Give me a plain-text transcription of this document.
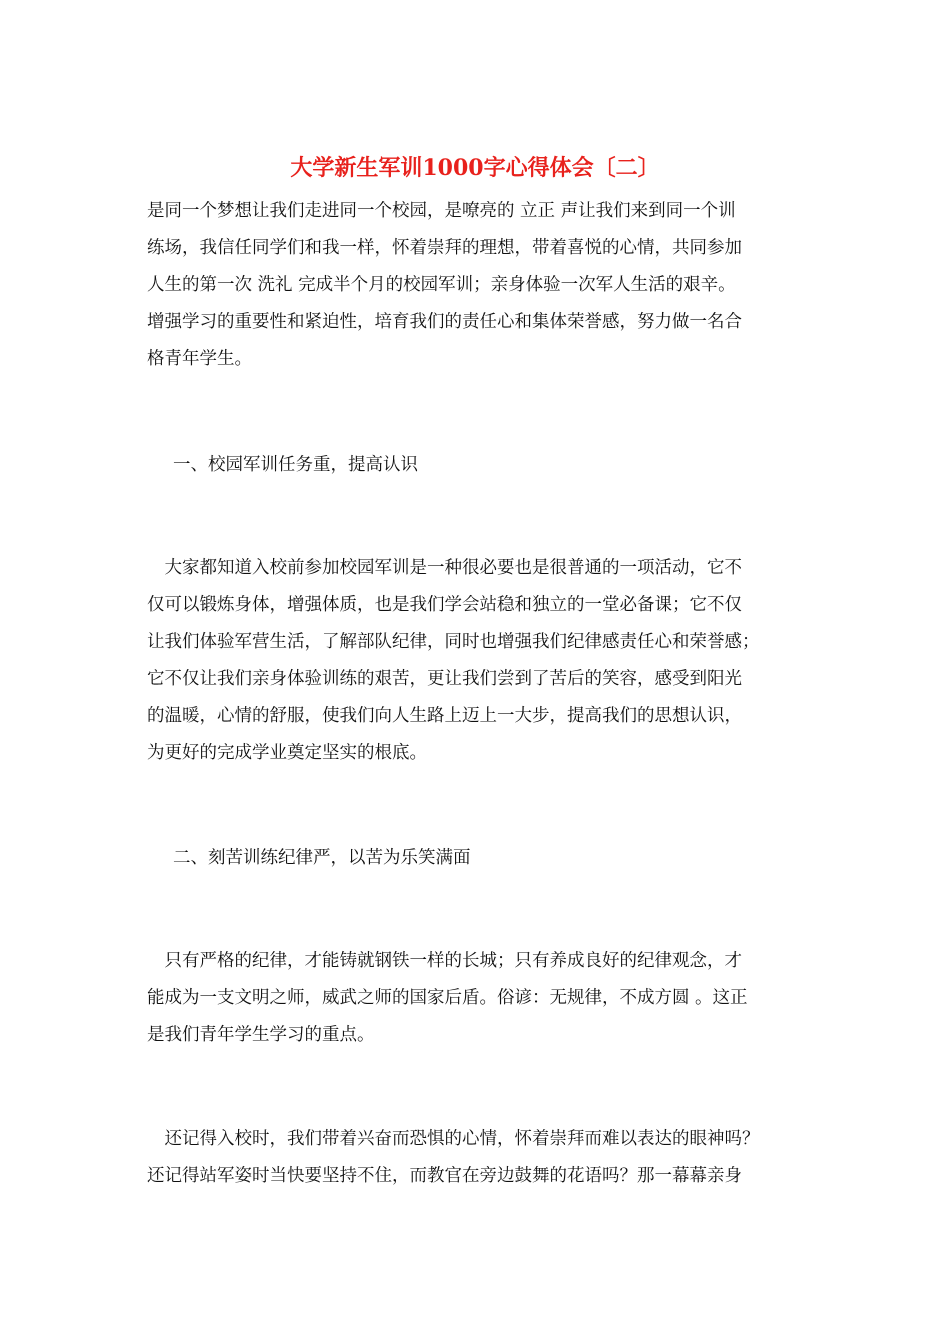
大学新生军训1000字心得体会〔二〕
是同一个梦想让我们走进同一个校园，是嘹亮的 立正 声让我们来到同一个训
练场，我信任同学们和我一样，怀着崇拜的理想，带着喜悦的心情，共同参加
人生的第一次 洗礼 完成半个月的校园军训；亲身体验一次军人生活的艰辛。
增强学习的重要性和紧迫性，培育我们的责任心和集体荣誉感，努力做一名合
格青年学生。
一、校园军训任务重，提高认识
　大家都知道入校前参加校园军训是一种很必要也是很普通的一项活动，它不
仅可以锻炼身体，增强体质，也是我们学会站稳和独立的一堂必备课；它不仅
让我们体验军营生活，了解部队纪律，同时也增强我们纪律感责任心和荣誉感；
它不仅让我们亲身体验训练的艰苦，更让我们尝到了苦后的笑容，感受到阳光
的温暖，心情的舒服，使我们向人生路上迈上一大步，提高我们的思想认识，
为更好的完成学业奠定坚实的根底。
二、刻苦训练纪律严，以苦为乐笑满面
　只有严格的纪律，才能铸就钢铁一样的长城；只有养成良好的纪律观念，才
能成为一支文明之师，威武之师的国家后盾。俗谚：无规律，不成方圆 。这正
是我们青年学生学习的重点。
　还记得入校时，我们带着兴奋而恐惧的心情，怀着崇拜而难以表达的眼神吗？
还记得站军姿时当快要坚持不住，而教官在旁边鼓舞的花语吗？那一幕幕亲身
